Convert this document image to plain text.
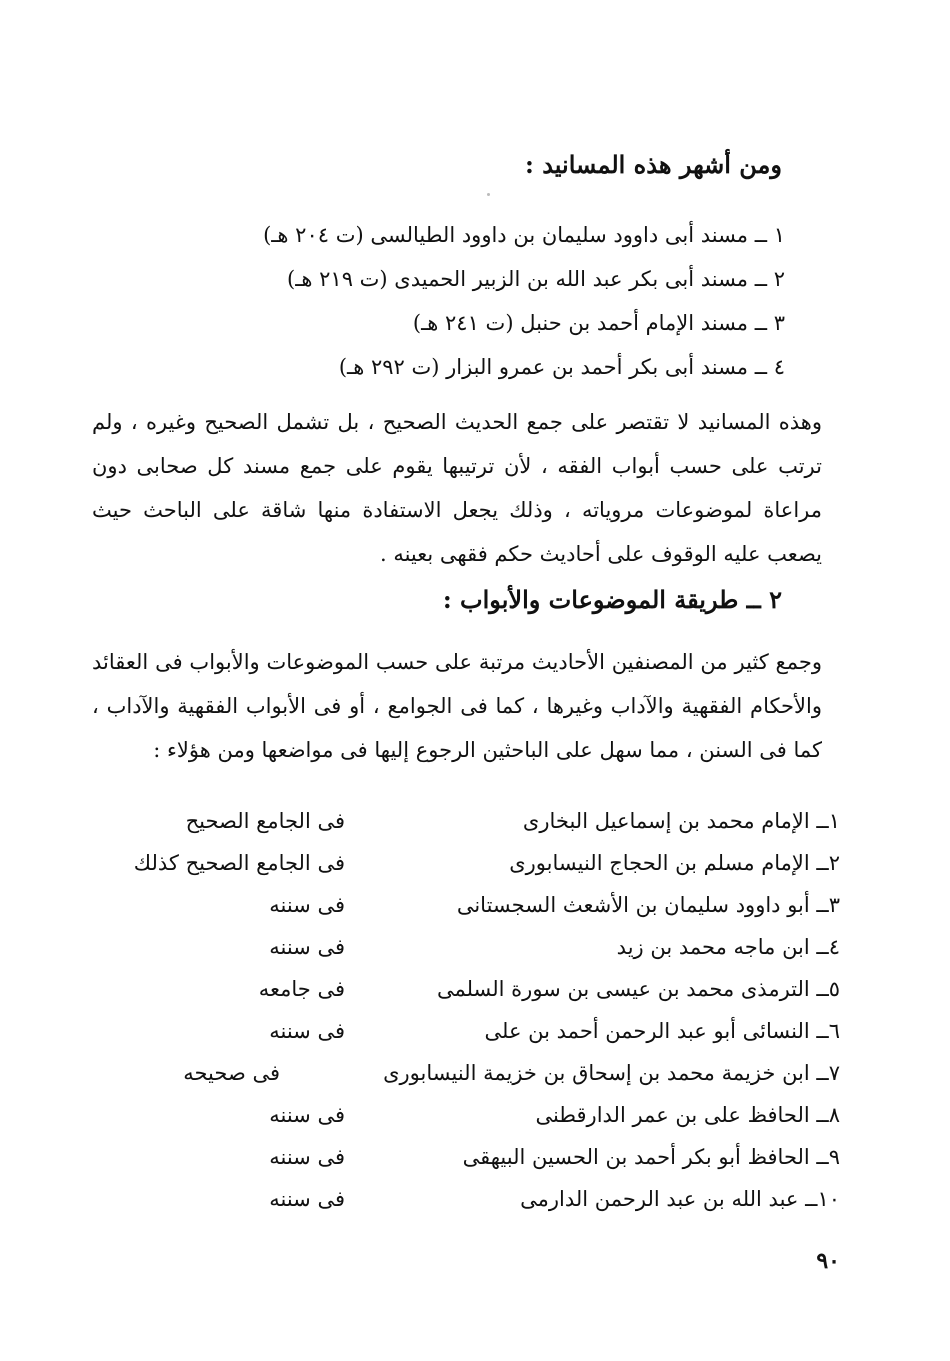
ومن أشهر هذه المسانيد :
١ ــ مسند أبى داوود سليمان بن داوود الطيالسى (ت ٢٠٤ هـ)
٢ ــ مسند أبى بكر عبد الله بن الزبير الحميدى (ت ٢١٩ هـ)
٣ ــ مسند الإمام أحمد بن حنبل (ت ٢٤١ هـ)
٤ ــ مسند أبى بكر أحمد بن عمرو البزار (ت ٢٩٢ هـ)

وهذه المسانيد لا تقتصر على جمع الحديث الصحيح ، بل تشمل الصحيح وغيره ، ولم ترتب على حسب أبواب الفقه ، لأن ترتيبها يقوم على جمع مسند كل صحابى دون مراعاة لموضوعات مروياته ، وذلك يجعل الاستفادة منها شاقة على الباحث حيث يصعب عليه الوقوف على أحاديث حكم فقهى بعينه .

٢ ــ طريقة الموضوعات والأبواب :

وجمع كثير من المصنفين الأحاديث مرتبة على حسب الموضوعات والأبواب فى العقائد والأحكام الفقهية والآداب وغيرها ، كما فى الجوامع ، أو فى الأبواب الفقهية والآداب ، كما فى السنن ، مما سهل على الباحثين الرجوع إليها فى مواضعها ومن هؤلاء :

١ــ الإمام محمد بن إسماعيل البخارى
فى الجامع الصحيح
٢ــ الإمام مسلم بن الحجاج النيسابورى
فى الجامع الصحيح كذلك
٣ــ أبو داوود سليمان بن الأشعث السجستانى
فى سننه
٤ــ ابن ماجه محمد بن زيد
فى سننه
٥ــ الترمذى محمد بن عيسى بن سورة السلمى
فى جامعه
٦ــ النسائى أبو عبد الرحمن أحمد بن على
فى سننه
٧ــ ابن خزيمة محمد بن إسحاق بن خزيمة النيسابورى
فى صحيحه
٨ــ الحافظ على بن عمر الدارقطنى
فى سننه
٩ــ الحافظ أبو بكر أحمد بن الحسين البيهقى
فى سننه
١٠ــ عبد الله بن عبد الرحمن الدارمى
فى سننه
٩٠
